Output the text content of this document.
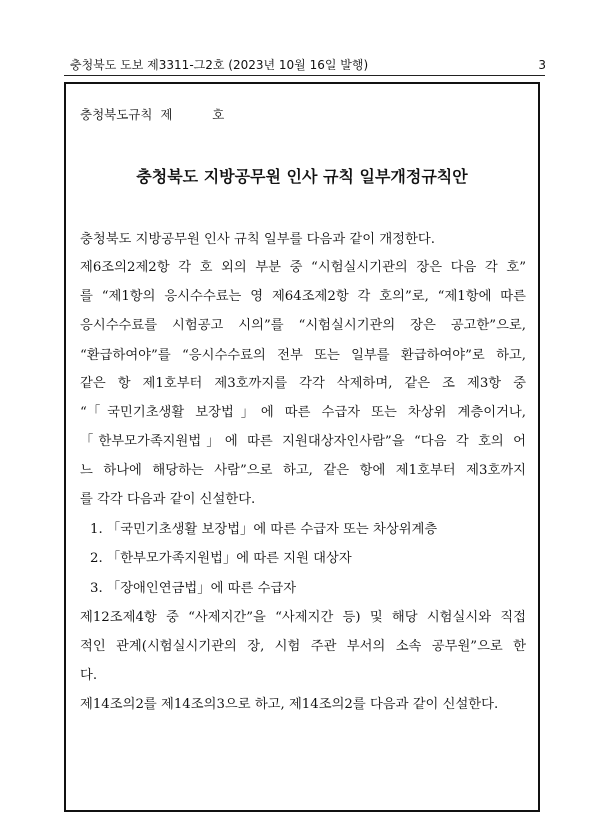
충청북도 도보 제3311-그2호 (2023년 10월 16일 발행)	3
충청북도규칙  제          호
충청북도 지방공무원 인사 규칙 일부개정규칙안

충청북도 지방공무원 인사 규칙 일부를 다음과 같이 개정한다.

제6조의2제2항 각 호 외의 부분 중 “시험실시기관의 장은 다음 각 호”

를 “제1항의 응시수수료는 영 제64조제2항 각 호의”로, “제1항에 따른

응시수수료를 시험공고 시의”를 “시험실시기관의 장은 공고한”으로,

“환급하여야”를 “응시수수료의 전부 또는 일부를 환급하여야”로 하고,

같은 항 제1호부터 제3호까지를 각각 삭제하며, 같은 조 제3항 중

“「국민기초생활 보장법」에 따른 수급자 또는 차상위 계층이거나,

「한부모가족지원법」에 따른 지원대상자인사람”을 “다음 각 호의 어

느 하나에 해당하는 사람”으로 하고, 같은 항에 제1호부터 제3호까지

를 각각 다음과 같이 신설한다.

1. 「국민기초생활 보장법」에 따른 수급자 또는 차상위계층

2. 「한부모가족지원법」에 따른 지원 대상자

3. 「장애인연금법」에 따른 수급자

제12조제4항 중 “사제지간”을 “사제지간 등) 및 해당 시험실시와 직접

적인 관계(시험실시기관의 장, 시험 주관 부서의 소속 공무원”으로 한

다.

제14조의2를 제14조의3으로 하고, 제14조의2를 다음과 같이 신설한다.
